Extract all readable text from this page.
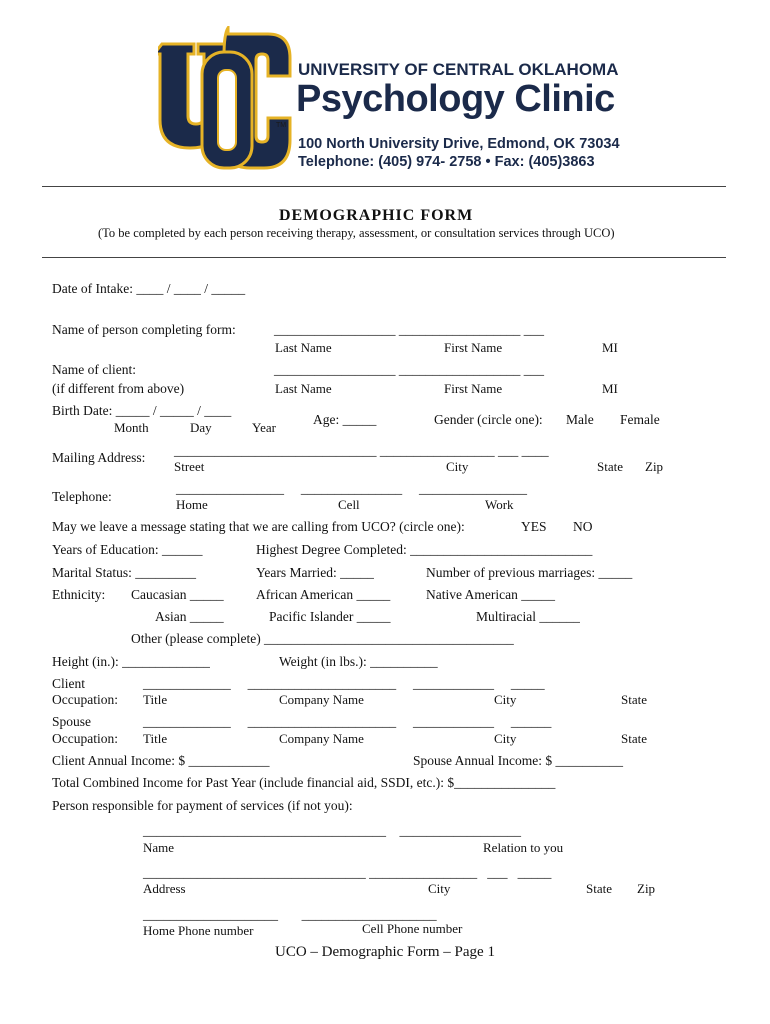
TM
UNIVERSITY OF CENTRAL OKLAHOMA
Psychology Clinic
100 North University Drive, Edmond, OK 73034
Telephone: (405) 974- 2758 • Fax: (405)3863
DEMOGRAPHIC FORM
(To be completed by each person receiving therapy, assessment, or consultation services through UCO)
Date of Intake: ____ / ____ / _____
Name of person completing form:	__________________ __________________ ___
Last Name	First Name	MI
Name of client:	__________________ __________________ ___
(if different from above)	Last Name	First Name	MI
Birth Date: _____ / _____ / ____
Month	Day	Year
Age: _____	Gender (circle one): Male Female
Mailing Address: ______________________________ _________________ ___ ____
Street	City	State Zip
Telephone:
________________     _______________     ________________
Home	Cell	Work
May we leave a message stating that we are calling from UCO? (circle one):	YES NO
Years of Education: ______	Highest Degree Completed: ___________________________
Marital Status: _________	Years Married: _____	Number of previous marriages: _____
Ethnicity: Caucasian _____ African American _____	Native American _____
Asian _____	Pacific Islander _____	Multiracial ______
Other (please complete) _____________________________________
Height (in.): _____________	Weight (in lbs.): __________
Client	_____________     ______________________     ____________     _____
Occupation: Title	Company Name	City	State
Spouse	_____________     ______________________     ____________     ______
Occupation: Title	Company Name	City	State
Client Annual Income: $ ____________	Spouse Annual Income: $ __________
Total Combined Income for Past Year (include financial aid, SSDI, etc.): $_______________
Person responsible for payment of services (if not you):
____________________________________    __________________
Name	Relation to you
_________________________________ ________________   ___   _____
Address	City	State Zip
____________________       ____________________
Home Phone number	Cell Phone number
UCO – Demographic Form – Page 1
